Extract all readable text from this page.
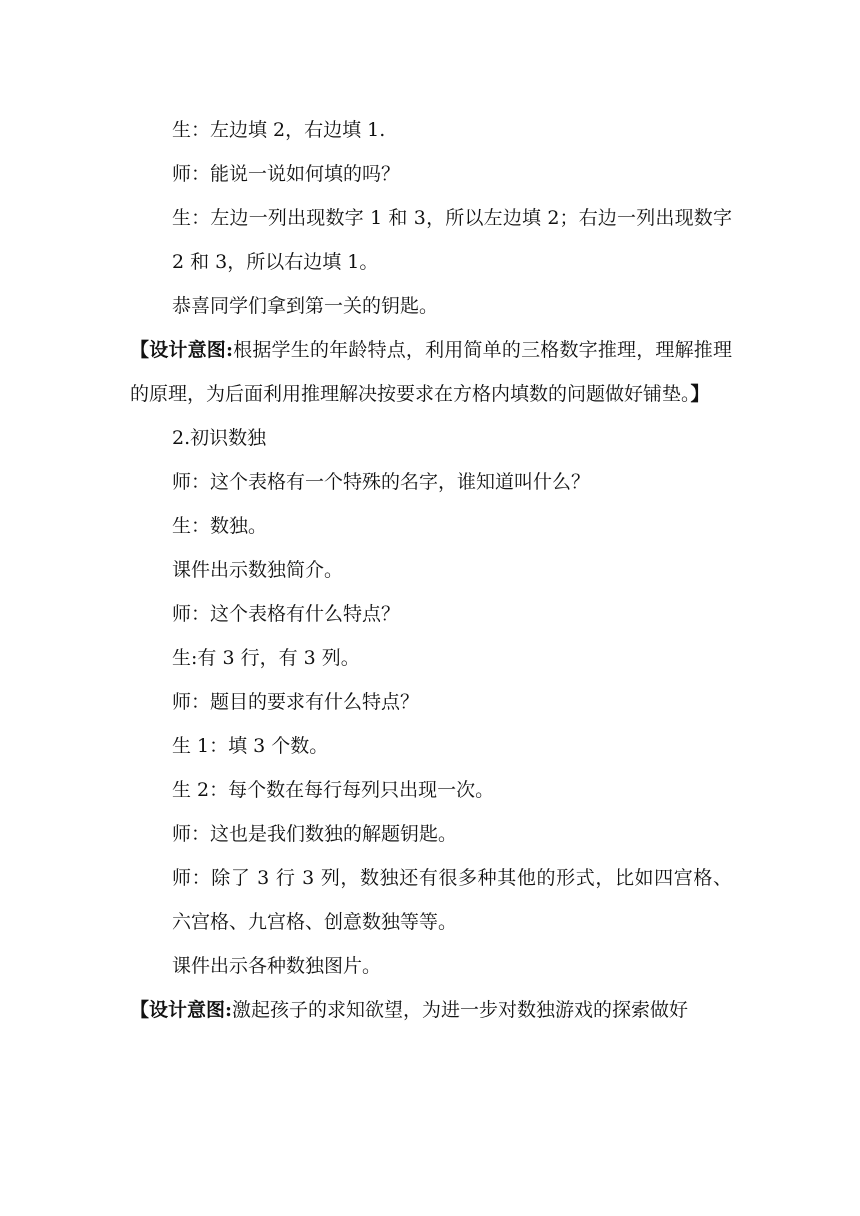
生：左边填 2，右边填 1.

师：能说一说如何填的吗？

生：左边一列出现数字 1 和 3，所以左边填 2；右边一列出现数字 2 和 3，所以右边填 1。

恭喜同学们拿到第一关的钥匙。

【设计意图:根据学生的年龄特点，利用简单的三格数字推理，理解推理的原理，为后面利用推理解决按要求在方格内填数的问题做好铺垫。】

2.初识数独

师：这个表格有一个特殊的名字，谁知道叫什么？

生：数独。

课件出示数独简介。

师：这个表格有什么特点？

生:有 3 行，有 3 列。

师：题目的要求有什么特点？

生 1：填 3 个数。

生 2：每个数在每行每列只出现一次。

师：这也是我们数独的解题钥匙。

师：除了 3 行 3 列，数独还有很多种其他的形式，比如四宫格、六宫格、九宫格、创意数独等等。

课件出示各种数独图片。

【设计意图:激起孩子的求知欲望，为进一步对数独游戏的探索做好
